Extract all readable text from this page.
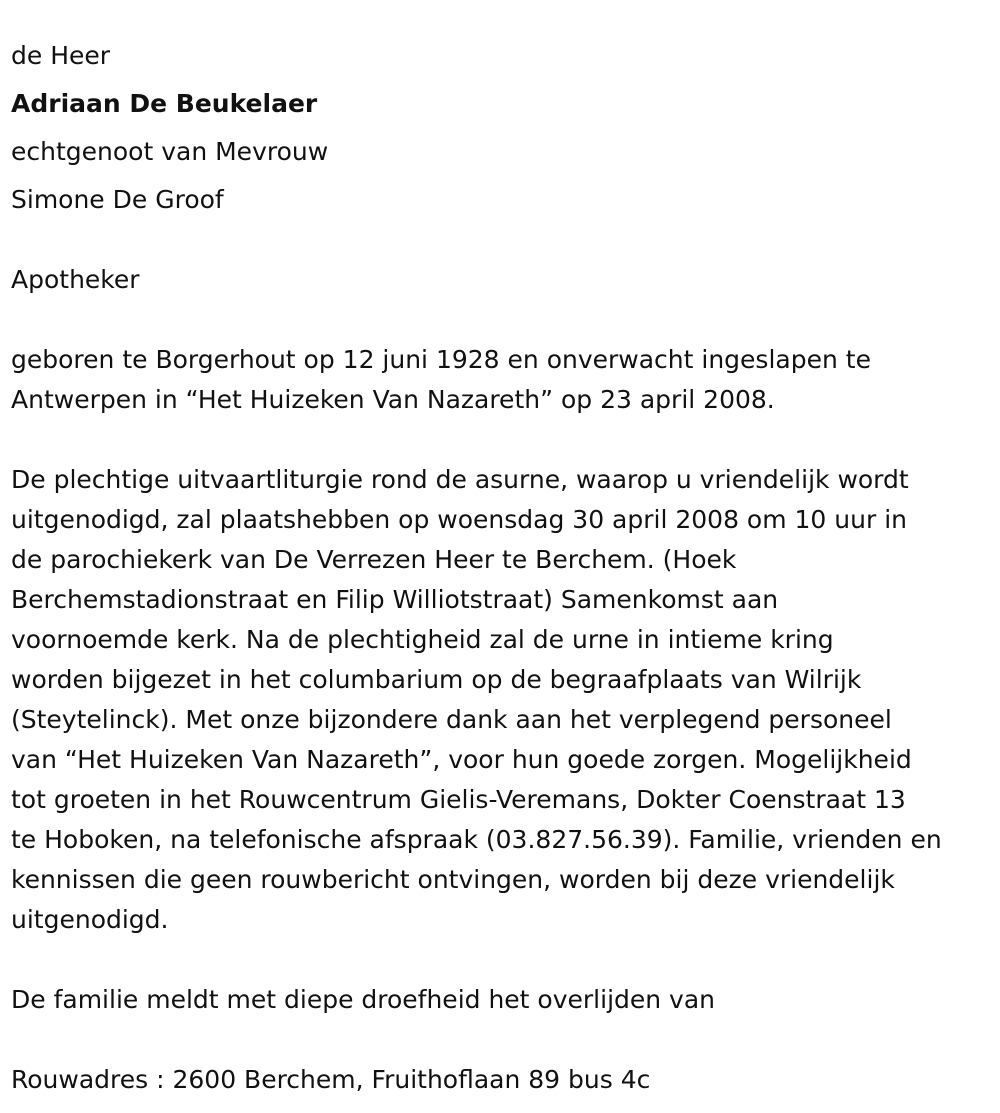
de Heer
Adriaan De Beukelaer
echtgenoot van Mevrouw
Simone De Groof
Apotheker
geboren te Borgerhout op 12 juni 1928 en onverwacht ingeslapen te
Antwerpen in “Het Huizeken Van Nazareth” op 23 april 2008.
De plechtige uitvaartliturgie rond de asurne, waarop u vriendelijk wordt
uitgenodigd, zal plaatshebben op woensdag 30 april 2008 om 10 uur in
de parochiekerk van De Verrezen Heer te Berchem. (Hoek
Berchemstadionstraat en Filip Williotstraat) Samenkomst aan
voornoemde kerk. Na de plechtigheid zal de urne in intieme kring
worden bijgezet in het columbarium op de begraafplaats van Wilrijk
(Steytelinck). Met onze bijzondere dank aan het verplegend personeel
van “Het Huizeken Van Nazareth”, voor hun goede zorgen. Mogelijkheid
tot groeten in het Rouwcentrum Gielis-Veremans, Dokter Coenstraat 13
te Hoboken, na telefonische afspraak (03.827.56.39). Familie, vrienden en
kennissen die geen rouwbericht ontvingen, worden bij deze vriendelijk
uitgenodigd.
De familie meldt met diepe droefheid het overlijden van
Rouwadres : 2600 Berchem, Fruithoflaan 89 bus 4c
